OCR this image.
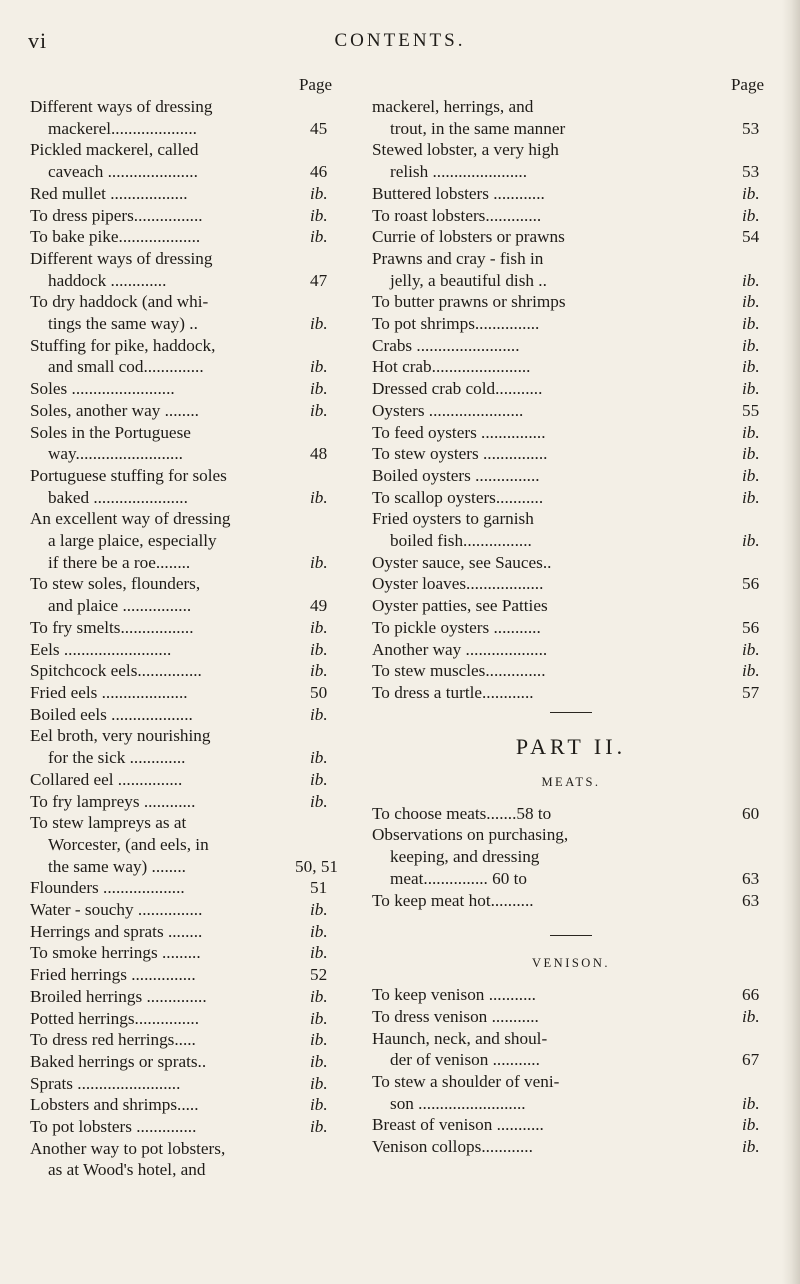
vi	CONTENTS.
Page
Different ways of dressing
mackerel....................	45
Pickled mackerel, called
caveach .....................	46
Red mullet ..................	ib.
To dress pipers................	ib.
To bake pike...................	ib.
Different ways of dressing
haddock .............	47
To dry haddock (and whi-
tings the same way) ..	ib.
Stuffing for pike, haddock,
and small cod..............	ib.
Soles ........................	ib.
Soles, another way ........	ib.
Soles in the Portuguese
way.........................	48
Portuguese stuffing for soles
baked ......................	ib.
An excellent way of dressing
a large plaice, especially
if there be a roe........	ib.
To stew soles, flounders,
and plaice ................	49
To fry smelts.................	ib.
Eels .........................	ib.
Spitchcock eels...............	ib.
Fried eels ....................	50
Boiled eels ...................	ib.
Eel broth, very nourishing
for the sick .............	ib.
Collared eel ...............	ib.
To fry lampreys ............	ib.
To stew lampreys as at
Worcester, (and eels, in
the same way) ........	50, 51
Flounders ...................	51
Water - souchy ...............	ib.
Herrings and sprats ........	ib.
To smoke herrings .........	ib.
Fried herrings ...............	52
Broiled herrings ..............	ib.
Potted herrings...............	ib.
To dress red herrings.....	ib.
Baked herrings or sprats..	ib.
Sprats ........................	ib.
Lobsters and shrimps.....	ib.
To pot lobsters ..............	ib.
Another way to pot lobsters,
as at Wood's hotel, and
Page
mackerel, herrings, and
trout, in the same manner	53
Stewed lobster, a very high
relish ......................	53
Buttered lobsters ............	ib.
To roast lobsters.............	ib.
Currie of lobsters or prawns	54
Prawns and cray - fish in
jelly, a beautiful dish ..	ib.
To butter prawns or shrimps	ib.
To pot shrimps...............	ib.
Crabs ........................	ib.
Hot crab.......................	ib.
Dressed crab cold...........	ib.
Oysters ......................	55
To feed oysters ...............	ib.
To stew oysters ...............	ib.
Boiled oysters ...............	ib.
To scallop oysters...........	ib.
Fried oysters to garnish
boiled fish................	ib.
Oyster sauce, see Sauces..
Oyster loaves..................	56
Oyster patties, see Patties
To pickle oysters ...........	56
Another way ...................	ib.
To stew muscles..............	ib.
To dress a turtle............	57
PART II.
MEATS.
To choose meats.......58 to	60
Observations on purchasing,
keeping, and dressing
meat............... 60 to	63
To keep meat hot..........	63
VENISON.
To keep venison ...........	66
To dress venison ...........	ib.
Haunch, neck, and shoul-
der of venison ...........	67
To stew a shoulder of veni-
son .........................	ib.
Breast of venison ...........	ib.
Venison collops............	ib.
